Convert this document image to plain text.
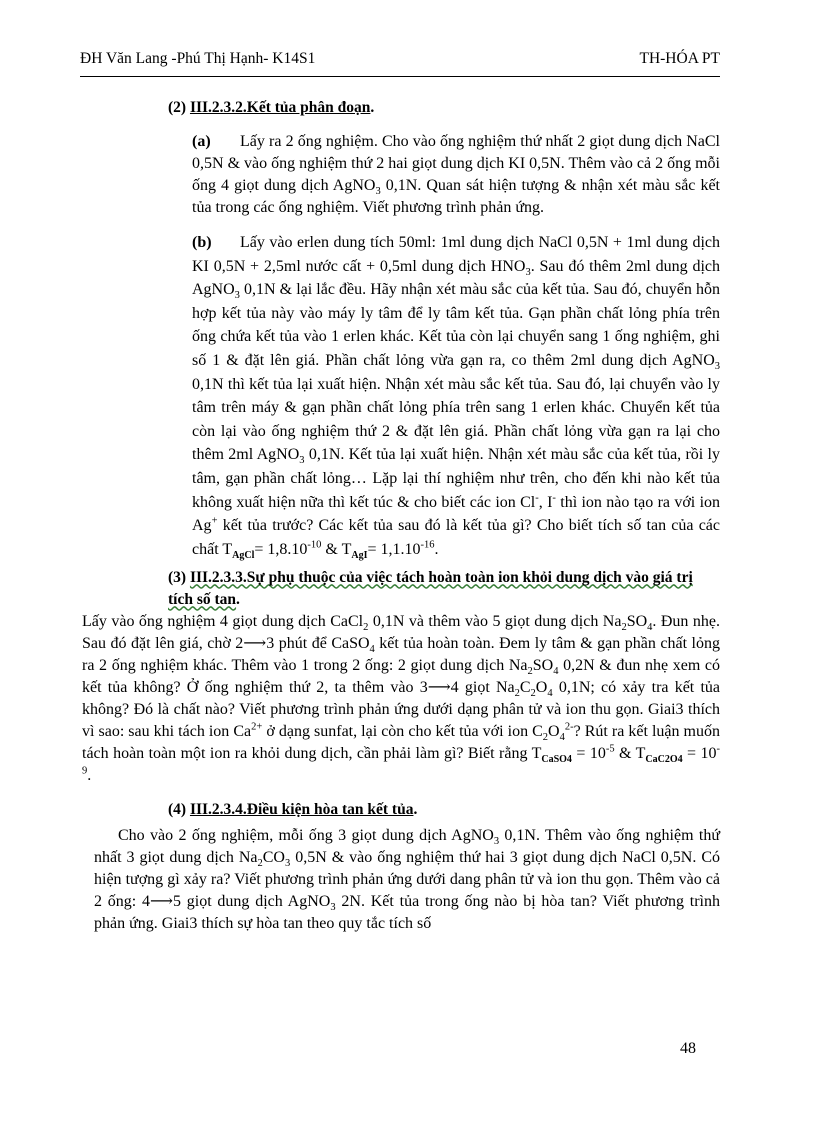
ĐH Văn Lang -Phú Thị Hạnh- K14S1	TH-HÓA PT

(2) III.2.3.2.Kết tủa phân đoạn.

(a) Lấy ra 2 ống nghiệm. Cho vào ống nghiệm thứ nhất 2 giọt dung dịch NaCl 0,5N & vào ống nghiệm thứ 2 hai giọt dung dịch KI 0,5N. Thêm vào cả 2 ống mỗi ống 4 giọt dung dịch AgNO$_3$ 0,1N. Quan sát hiện tượng & nhận xét màu sắc kết tủa trong các ống nghiệm. Viết phương trình phản ứng.

(b) Lấy vào erlen dung tích 50ml: 1ml dung dịch NaCl 0,5N + 1ml dung dịch KI 0,5N + 2,5ml nước cất + 0,5ml dung dịch $HNO_3$. Sau đó thêm 2ml dung dịch AgNO$_3$ 0,1N & lại lắc đều. Hãy nhận xét màu sắc của kết tủa. Sau đó, chuyển hỗn hợp kết tủa này vào máy ly tâm để ly tâm kết tủa. Gạn phần chất lỏng phía trên ống chứa kết tủa vào 1 erlen khác. Kết tủa còn lại chuyển sang 1 ống nghiệm, ghi số 1 & đặt lên giá. Phần chất lỏng vừa gạn ra, co thêm 2ml dung dịch AgNO$_3$ 0,1N thì kết tủa lại xuất hiện. Nhận xét màu sắc kết tủa. Sau đó, lại chuyển vào ly tâm trên máy & gạn phần chất lỏng phía trên sang 1 erlen khác. Chuyển kết tủa còn lại vào ống nghiệm thứ 2 & đặt lên giá. Phần chất lỏng vừa gạn ra lại cho thêm 2ml AgNO$_3$ 0,1N. Kết tủa lại xuất hiện. Nhận xét màu sắc của kết tủa, rồi ly tâm, gạn phần chất lỏng… Lặp lại thí nghiệm như trên, cho đến khi nào kết tủa không xuất hiện nữa thì kết túc & cho biết các ion Cl-, I- thì ion nào tạo ra với ion Ag+ kết tủa trước? Các kết tủa sau đó là kết tủa gì? Cho biết tích số tan của các chất $T_{AgCl}= 1,8.10^{-10}$ & $T_{AgI}= 1,1.10^{-16}$.

(3) III.2.3.3.Sự phụ thuộc của việc tách hoàn toàn ion khỏi dung dịch vào giá trị tích số tan.

Lấy vào ống nghiệm 4 giọt dung dịch CaCl$_2$ 0,1N và thêm vào 5 giọt dung dịch $Na_2SO_4$. Đun nhẹ. Sau đó đặt lên giá, chờ 2⟶3 phút để CaSO$_4$ kết tủa hoàn toàn. Đem ly tâm & gạn phần chất lỏng ra 2 ống nghiệm khác. Thêm vào 1 trong 2 ống: 2 giọt dung dịch $Na_2SO_4$ 0,2N & đun nhẹ xem có kết tủa không? Ở ống nghiệm thứ 2, ta thêm vào 3⟶4 giọt $Na_2C_2O_4$ 0,1N; có xảy tra kết tủa không? Đó là chất nào? Viết phương trình phản ứng dưới dạng phân tử và ion thu gọn. Giai3 thích vì sao: sau khi tách ion $Ca^{2+}$ ở dạng sunfat, lại còn cho kết tủa với ion $C_2O_4^{2-}$? Rút ra kết luận muốn tách hoàn toàn một ion ra khỏi dung dịch, cần phải làm gì? Biết rằng $T_{CaSO4} = 10^{-5}$ & $T_{CaC2O4} = 10^{-9}$.

(4) III.2.3.4.Điều kiện hòa tan kết tủa.

Cho vào 2 ống nghiệm, mỗi ống 3 giọt dung dịch AgNO$_3$ 0,1N. Thêm vào ống nghiệm thứ nhất 3 giọt dung dịch $Na_2CO_3$ 0,5N & vào ống nghiệm thứ hai 3 giọt dung dịch NaCl 0,5N. Có hiện tượng gì xảy ra? Viết phương trình phản ứng dưới dang phân tử và ion thu gọn. Thêm vào cả 2 ống: 4⟶5 giọt dung dịch AgNO$_3$ 2N. Kết tủa trong ống nào bị hòa tan? Viết phương trình phản ứng. Giai3 thích sự hòa tan theo quy tắc tích số

48
